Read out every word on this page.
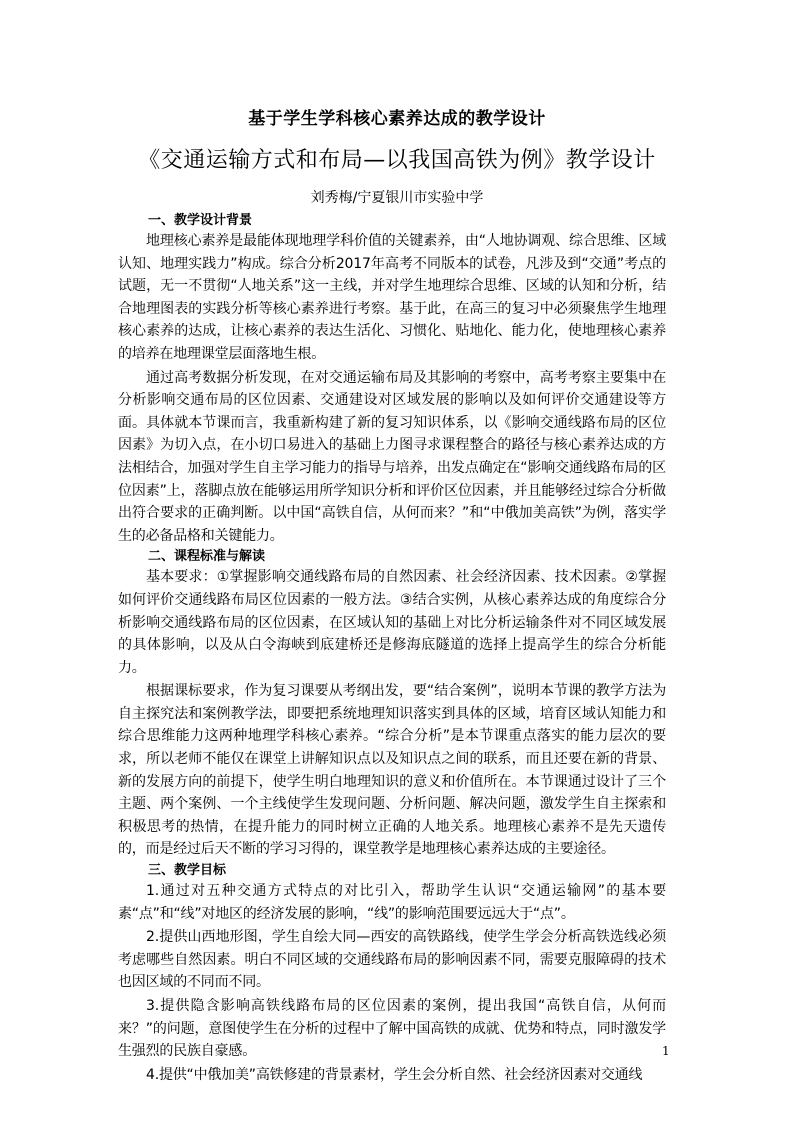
基于学生学科核心素养达成的教学设计
《交通运输方式和布局—以我国高铁为例》教学设计
刘秀梅/宁夏银川市实验中学

一、教学设计背景

地理核心素养是最能体现地理学科价值的关键素养，由“人地协调观、综合思维、区域认知、地理实践力”构成。综合分析2017年高考不同版本的试卷，凡涉及到“交通”考点的试题，无一不贯彻“人地关系”这一主线，并对学生地理综合思维、区域的认知和分析，结合地理图表的实践分析等核心素养进行考察。基于此，在高三的复习中必须聚焦学生地理核心素养的达成，让核心素养的表达生活化、习惯化、贴地化、能力化，使地理核心素养的培养在地理课堂层面落地生根。

通过高考数据分析发现，在对交通运输布局及其影响的考察中，高考考察主要集中在分析影响交通布局的区位因素、交通建设对区域发展的影响以及如何评价交通建设等方面。具体就本节课而言，我重新构建了新的复习知识体系，以《影响交通线路布局的区位因素》为切入点，在小切口易进入的基础上力图寻求课程整合的路径与核心素养达成的方法相结合，加强对学生自主学习能力的指导与培养，出发点确定在“影响交通线路布局的区位因素”上，落脚点放在能够运用所学知识分析和评价区位因素，并且能够经过综合分析做出符合要求的正确判断。以中国“高铁自信，从何而来？”和“中俄加美高铁”为例，落实学生的必备品格和关键能力。

二、课程标准与解读

基本要求：①掌握影响交通线路布局的自然因素、社会经济因素、技术因素。②掌握如何评价交通线路布局区位因素的一般方法。③结合实例，从核心素养达成的角度综合分析影响交通线路布局的区位因素，在区域认知的基础上对比分析运输条件对不同区域发展的具体影响，以及从白令海峡到底建桥还是修海底隧道的选择上提高学生的综合分析能力。

根据课标要求，作为复习课要从考纲出发，要“结合案例”，说明本节课的教学方法为自主探究法和案例教学法，即要把系统地理知识落实到具体的区域，培育区域认知能力和综合思维能力这两种地理学科核心素养。“综合分析”是本节课重点落实的能力层次的要求，所以老师不能仅在课堂上讲解知识点以及知识点之间的联系，而且还要在新的背景、新的发展方向的前提下，使学生明白地理知识的意义和价值所在。本节课通过设计了三个主题、两个案例、一个主线使学生发现问题、分析问题、解决问题，激发学生自主探索和积极思考的热情，在提升能力的同时树立正确的人地关系。地理核心素养不是先天遗传的，而是经过后天不断的学习习得的，课堂教学是地理核心素养达成的主要途径。

三、教学目标

1.通过对五种交通方式特点的对比引入，帮助学生认识“交通运输网”的基本要素“点”和“线”对地区的经济发展的影响，“线”的影响范围要远远大于“点”。

2.提供山西地形图，学生自绘大同—西安的高铁路线，使学生学会分析高铁选线必须考虑哪些自然因素。明白不同区域的交通线路布局的影响因素不同，需要克服障碍的技术也因区域的不同而不同。

3.提供隐含影响高铁线路布局的区位因素的案例，提出我国“高铁自信，从何而来？”的问题，意图使学生在分析的过程中了解中国高铁的成就、优势和特点，同时激发学生强烈的民族自豪感。

4.提供“中俄加美”高铁修建的背景素材，学生会分析自然、社会经济因素对交通线

1
